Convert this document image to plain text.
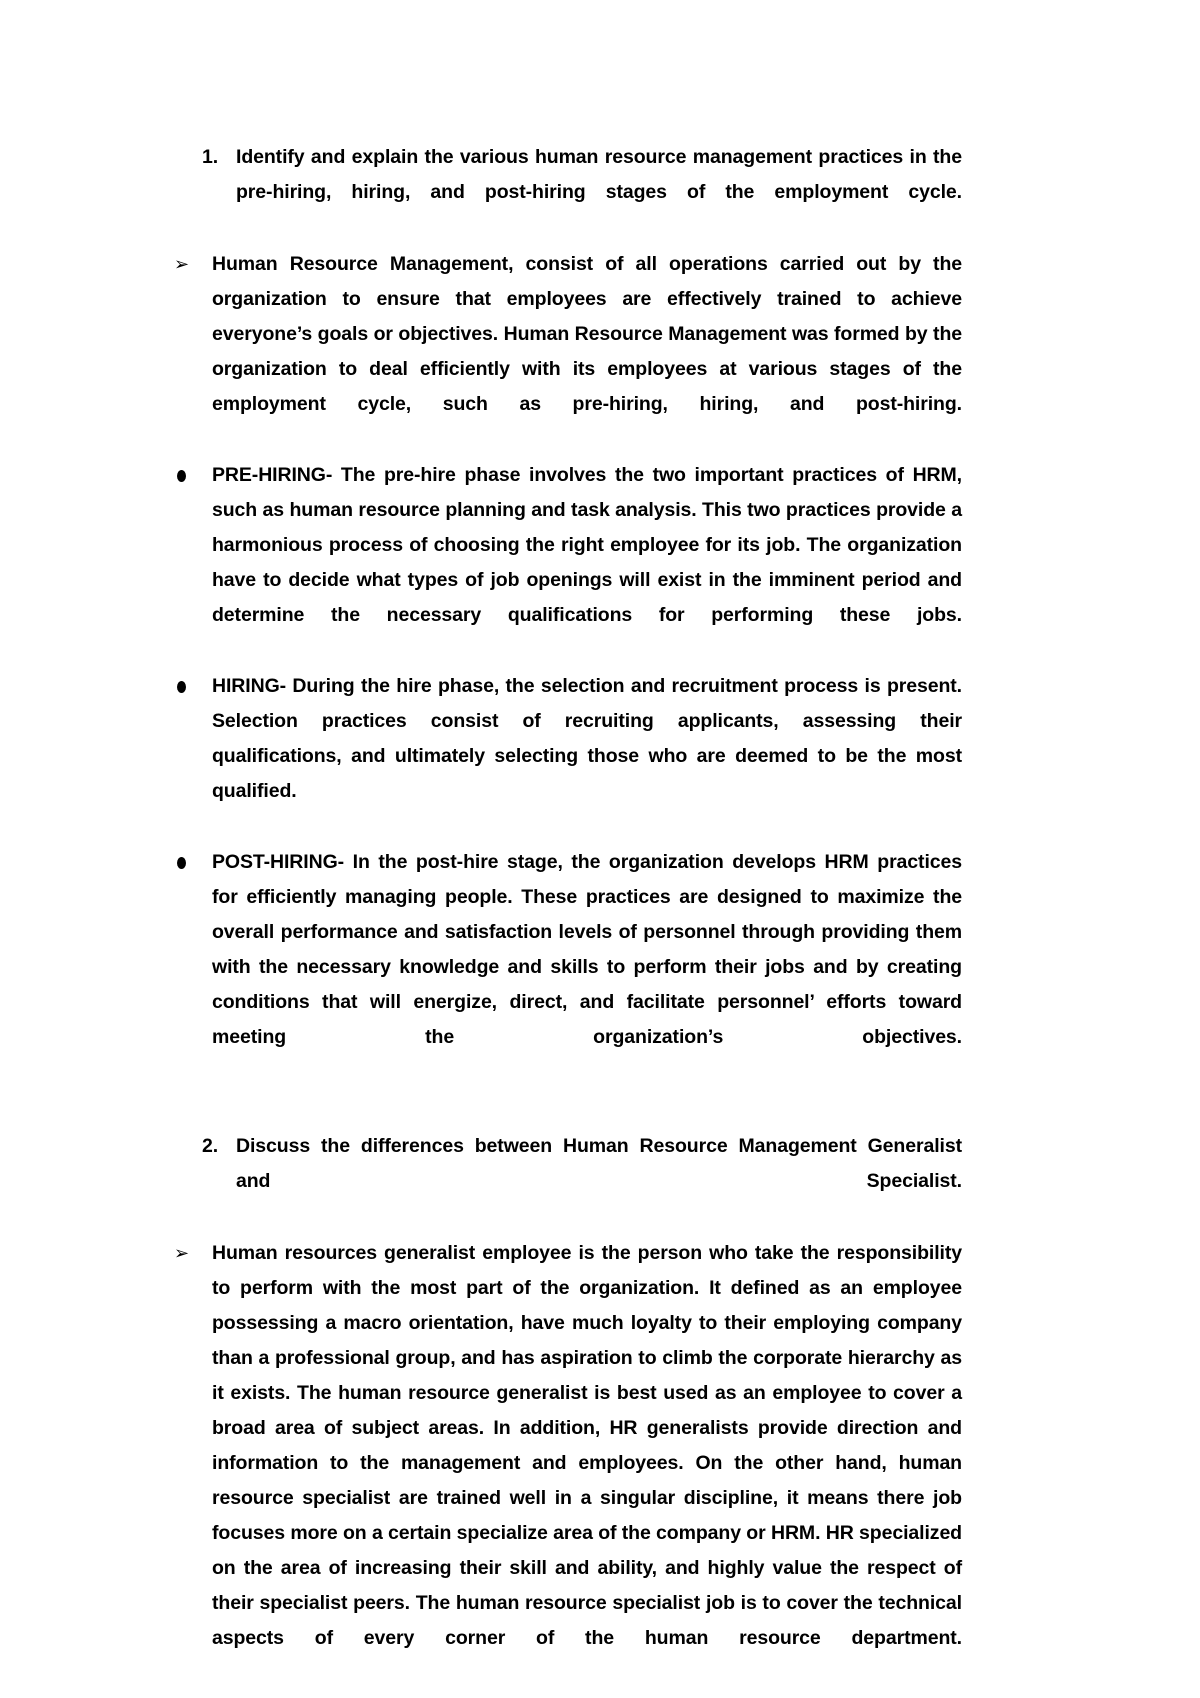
1. Identify and explain the various human resource management practices in the pre-hiring, hiring, and post-hiring stages of the employment cycle.
➢	Human Resource Management, consist of all operations carried out by the organization to ensure that employees are effectively trained to achieve everyone’s goals or objectives. Human Resource Management was formed by the organization to deal efficiently with its employees at various stages of the employment cycle, such as pre-hiring, hiring, and post-hiring.
PRE-HIRING- The pre-hire phase involves the two important practices of HRM, such as human resource planning and task analysis. This two practices provide a harmonious process of choosing the right employee for its job. The organization have to decide what types of job openings will exist in the imminent period and determine the necessary qualifications for performing these jobs.
HIRING- During the hire phase, the selection and recruitment process is present. Selection practices consist of recruiting applicants, assessing their qualifications, and ultimately selecting those who are deemed to be the most qualified.
POST-HIRING- In the post-hire stage, the organization develops HRM practices for efficiently managing people. These practices are designed to maximize the overall performance and satisfaction levels of personnel through providing them with the necessary knowledge and skills to perform their jobs and by creating conditions that will energize, direct, and facilitate personnel’ efforts toward meeting the organization’s objectives.
2. Discuss the differences between Human Resource Management Generalist and Specialist.
➢	Human resources generalist employee is the person who take the responsibility to perform with the most part of the organization. It defined as an employee possessing a macro orientation, have much loyalty to their employing company than a professional group, and has aspiration to climb the corporate hierarchy as it exists. The human resource generalist is best used as an employee to cover a broad area of subject areas. In addition, HR generalists provide direction and information to the management and employees. On the other hand, human resource specialist are trained well in a singular discipline, it means there job focuses more on a certain specialize area of the company or HRM. HR specialized on the area of increasing their skill and ability, and highly value the respect of their specialist peers. The human resource specialist job is to cover the technical aspects of every corner of the human resource department.
